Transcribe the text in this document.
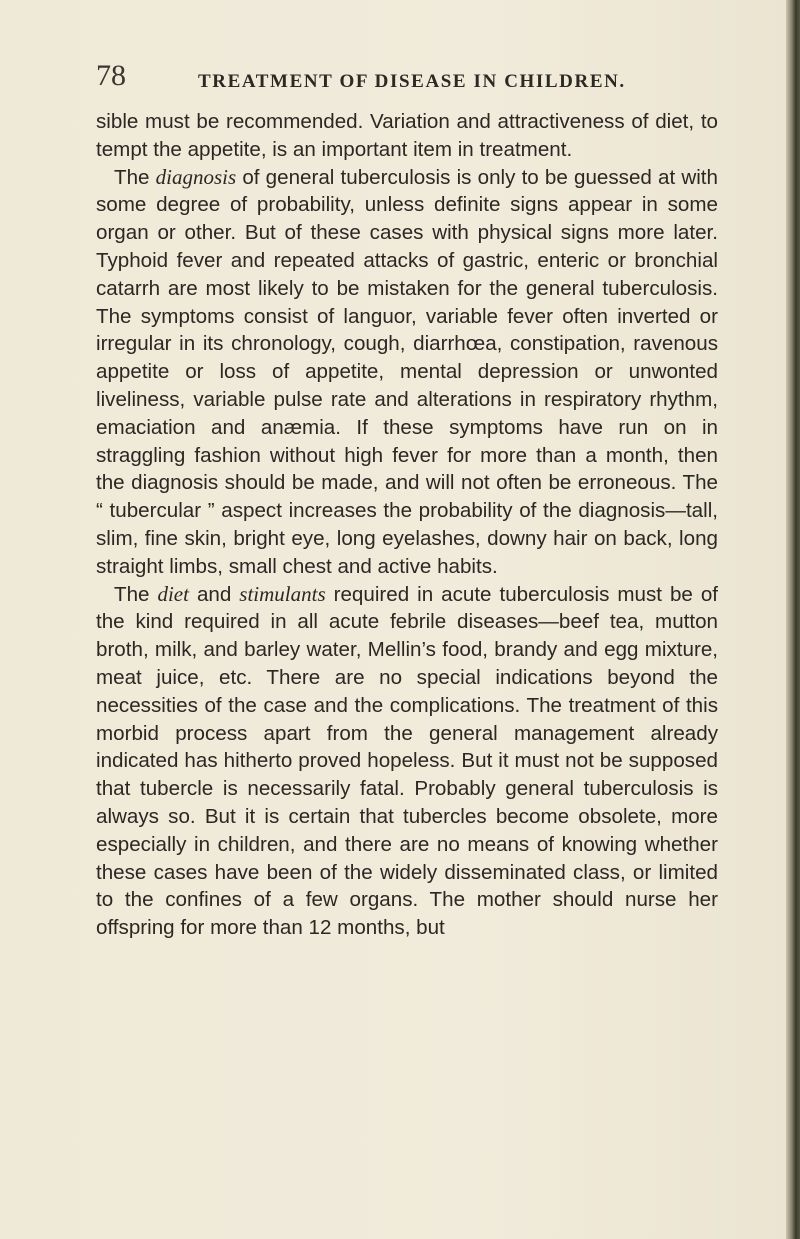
78	TREATMENT OF DISEASE IN CHILDREN.

sible must be recommended. Variation and attractiveness of diet, to tempt the appetite, is an important item in treatment.

The diagnosis of general tuberculosis is only to be guessed at with some degree of probability, unless definite signs appear in some organ or other. But of these cases with physical signs more later. Typhoid fever and repeated attacks of gastric, enteric or bronchial catarrh are most likely to be mistaken for the general tuberculosis. The symptoms consist of languor, variable fever often inverted or irregular in its chronology, cough, diarrhœa, constipation, ravenous appetite or loss of appetite, mental depression or unwonted liveliness, variable pulse rate and alterations in respiratory rhythm, emaciation and anæmia. If these symptoms have run on in straggling fashion without high fever for more than a month, then the diagnosis should be made, and will not often be erroneous. The “ tubercular ” aspect increases the probability of the diagnosis—tall, slim, fine skin, bright eye, long eyelashes, downy hair on back, long straight limbs, small chest and active habits.

The diet and stimulants required in acute tuberculosis must be of the kind required in all acute febrile diseases—beef tea, mutton broth, milk, and barley water, Mellin’s food, brandy and egg mixture, meat juice, etc. There are no special indications beyond the necessities of the case and the complications. The treatment of this morbid process apart from the general management already indicated has hitherto proved hopeless. But it must not be supposed that tubercle is necessarily fatal. Probably general tuberculosis is always so. But it is certain that tubercles become obsolete, more especially in children, and there are no means of knowing whether these cases have been of the widely disseminated class, or limited to the confines of a few organs. The mother should nurse her offspring for more than 12 months, but
